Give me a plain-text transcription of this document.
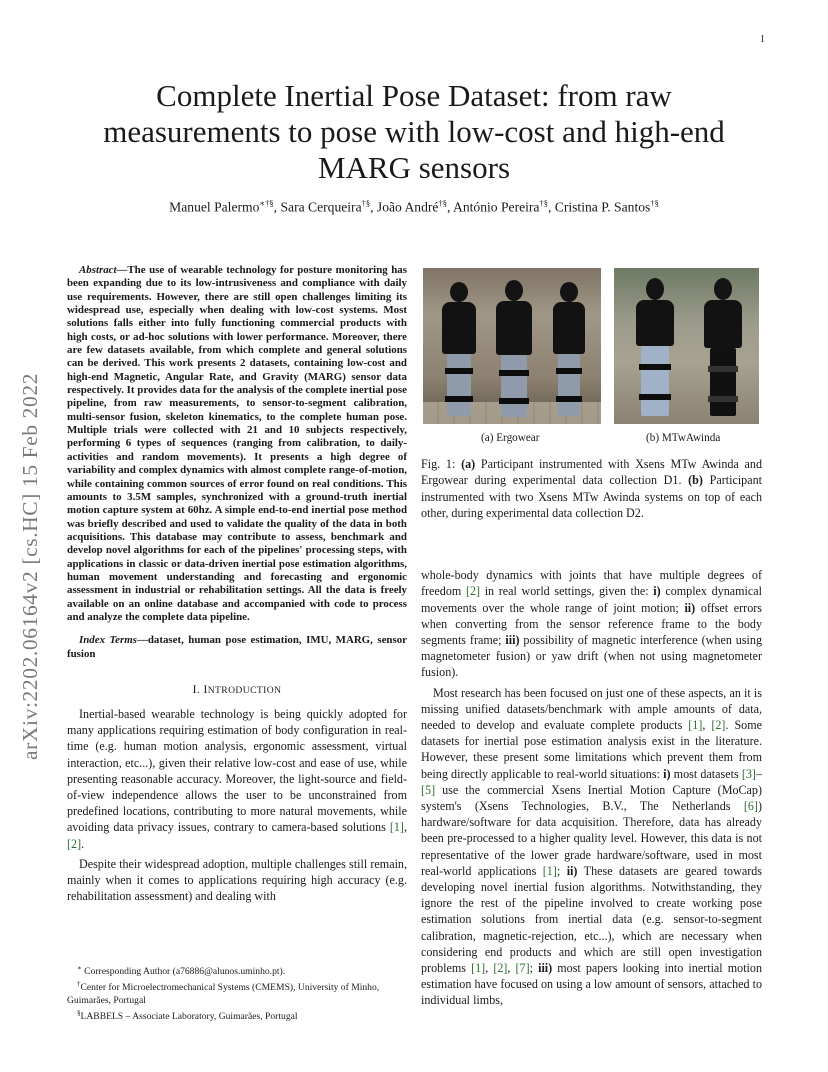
1
arXiv:2202.06164v2 [cs.HC] 15 Feb 2022
Complete Inertial Pose Dataset: from raw measurements to pose with low-cost and high-end MARG sensors
Manuel Palermo∗†§, Sara Cerqueira†§, João André†§, António Pereira†§, Cristina P. Santos†§

Abstract—The use of wearable technology for posture monitoring has been expanding due to its low-intrusiveness and compliance with daily use requirements. However, there are still open challenges limiting its widespread use, especially when dealing with low-cost systems. Most solutions falls either into fully functioning commercial products with high costs, or ad-hoc solutions with lower performance. Moreover, there are few datasets available, from which complete and general solutions can be derived. This work presents 2 datasets, containing low-cost and high-end Magnetic, Angular Rate, and Gravity (MARG) sensor data respectively. It provides data for the analysis of the complete inertial pose pipeline, from raw measurements, to sensor-to-segment calibration, multi-sensor fusion, skeleton kinematics, to the complete human pose. Multiple trials were collected with 21 and 10 subjects respectively, performing 6 types of sequences (ranging from calibration, to daily-activities and random movements). It presents a high degree of variability and complex dynamics with almost complete range-of-motion, while containing common sources of error found on real conditions. This amounts to 3.5M samples, synchronized with a ground-truth inertial motion capture system at 60hz. A simple end-to-end inertial pose method was briefly described and used to validate the quality of the data in both acquisitions. This database may contribute to assess, benchmark and develop novel algorithms for each of the pipelines' processing steps, with applications in classic or data-driven inertial pose estimation algorithms, human movement understanding and forecasting and ergonomic assessment in industrial or rehabilitation settings. All the data is freely available on an online database and accompanied with code to process and analyze the complete data pipeline.

Index Terms—dataset, human pose estimation, IMU, MARG, sensor fusion

I. INTRODUCTION

Inertial-based wearable technology is being quickly adopted for many applications requiring estimation of body configuration in real-time (e.g. human motion analysis, ergonomic assessment, virtual interaction, etc...), given their relative low-cost and ease of use, while presenting reasonable accuracy. Moreover, the light-source and field-of-view independence allows the user to be unconstrained from predefined locations, contributing to more natural movements, while avoiding data privacy issues, contrary to camera-based solutions [1], [2].

Despite their widespread adoption, multiple challenges still remain, mainly when it comes to applications requiring high accuracy (e.g. rehabilitation assessment) and dealing with

∗ Corresponding Author (a76886@alunos.uminho.pt).

†Center for Microelectromechanical Systems (CMEMS), University of Minho, Guimarães, Portugal

§LABBELS – Associate Laboratory, Guimarães, Portugal

(a) Ergowear	(b) MTwAwinda

Fig. 1: (a) Participant instrumented with Xsens MTw Awinda and Ergowear during experimental data collection D1. (b) Participant instrumented with two Xsens MTw Awinda systems on top of each other, during experimental data collection D2.

whole-body dynamics with joints that have multiple degrees of freedom [2] in real world settings, given the: i) complex dynamical movements over the whole range of joint motion; ii) offset errors when converting from the sensor reference frame to the body segments frame; iii) possibility of magnetic interference (when using magnetometer fusion) or yaw drift (when not using magnetometer fusion).

Most research has been focused on just one of these aspects, an it is missing unified datasets/benchmark with ample amounts of data, needed to develop and evaluate complete products [1], [2]. Some datasets for inertial pose estimation analysis exist in the literature. However, these present some limitations which prevent them from being directly applicable to real-world situations: i) most datasets [3]–[5] use the commercial Xsens Inertial Motion Capture (MoCap) system's (Xsens Technologies, B.V., The Netherlands [6]) hardware/software for data acquisition. Therefore, data has already been pre-processed to a higher quality level. However, this data is not representative of the lower grade hardware/software, used in most real-world applications [1]; ii) These datasets are geared towards developing novel inertial fusion algorithms. Notwithstanding, they ignore the rest of the pipeline involved to create working pose estimation solutions from inertial data (e.g. sensor-to-segment calibration, magnetic-rejection, etc...), which are necessary when considering end products and which are still open investigation problems [1], [2], [7]; iii) most papers looking into inertial motion estimation have focused on using a low amount of sensors, attached to individual limbs,
